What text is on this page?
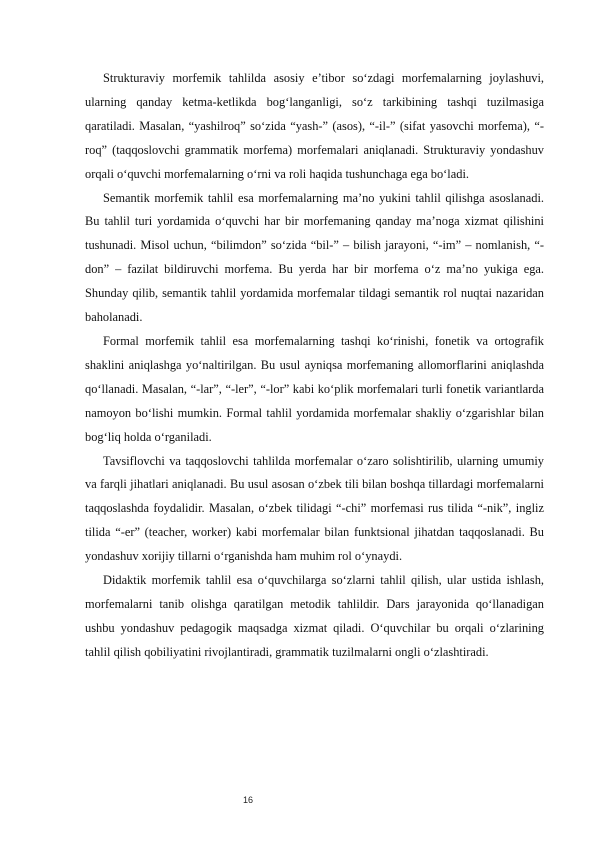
Strukturaviy morfemik tahlilda asosiy e’tibor so‘zdagi morfemalarning joylashuvi, ularning qanday ketma-ketlikda bog‘langanligi, so‘z tarkibining tashqi tuzilmasiga qaratiladi. Masalan, “yashilroq” so‘zida “yash-” (asos), “-il-” (sifat yasovchi morfema), “-roq” (taqqoslovchi grammatik morfema) morfemalari aniqlanadi. Strukturaviy yondashuv orqali o‘quvchi morfemalarning o‘rni va roli haqida tushunchaga ega bo‘ladi.

Semantik morfemik tahlil esa morfemalarning ma’no yukini tahlil qilishga asoslanadi. Bu tahlil turi yordamida o‘quvchi har bir morfemaning qanday ma’noga xizmat qilishini tushunadi. Misol uchun, “bilimdon” so‘zida “bil-” – bilish jarayoni, “-im” – nomlanish, “-don” – fazilat bildiruvchi morfema. Bu yerda har bir morfema o‘z ma’no yukiga ega. Shunday qilib, semantik tahlil yordamida morfemalar tildagi semantik rol nuqtai nazaridan baholanadi.

Formal morfemik tahlil esa morfemalarning tashqi ko‘rinishi, fonetik va ortografik shaklini aniqlashga yo‘naltirilgan. Bu usul ayniqsa morfemaning allomorflarini aniqlashda qo‘llanadi. Masalan, “-lar”, “-ler”, “-lor” kabi ko‘plik morfemalari turli fonetik variantlarda namoyon bo‘lishi mumkin. Formal tahlil yordamida morfemalar shakliy o‘zgarishlar bilan bog‘liq holda o‘rganiladi.

Tavsiflovchi va taqqoslovchi tahlilda morfemalar o‘zaro solishtirilib, ularning umumiy va farqli jihatlari aniqlanadi. Bu usul asosan o‘zbek tili bilan boshqa tillardagi morfemalarni taqqoslashda foydalidir. Masalan, o‘zbek tilidagi “-chi” morfemasi rus tilida “-nik”, ingliz tilida “-er” (teacher, worker) kabi morfemalar bilan funktsional jihatdan taqqoslanadi. Bu yondashuv xorijiy tillarni o‘rganishda ham muhim rol o‘ynaydi.

Didaktik morfemik tahlil esa o‘quvchilarga so‘zlarni tahlil qilish, ular ustida ishlash, morfemalarni tanib olishga qaratilgan metodik tahlildir. Dars jarayonida qo‘llanadigan ushbu yondashuv pedagogik maqsadga xizmat qiladi. O‘quvchilar bu orqali o‘zlarining tahlil qilish qobiliyatini rivojlantiradi, grammatik tuzilmalarni ongli o‘zlashtiradi.

16
